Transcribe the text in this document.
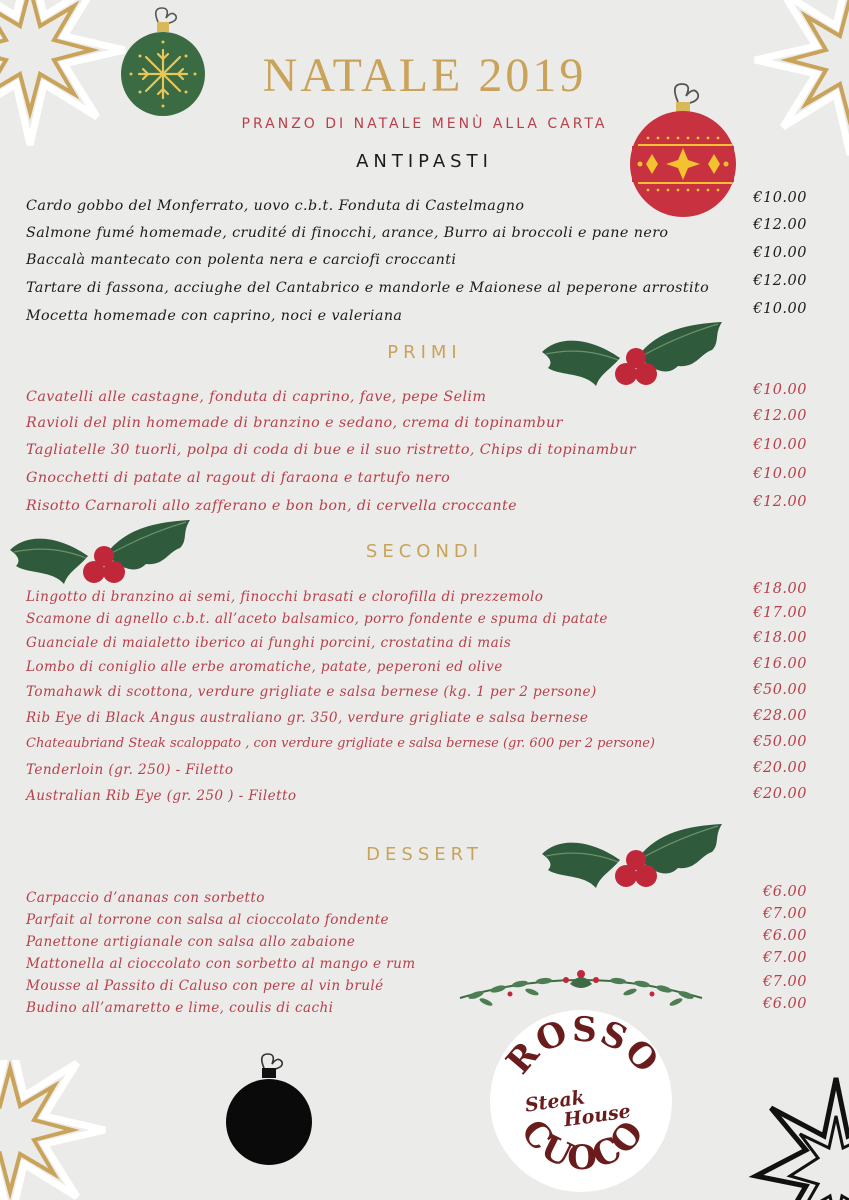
ROSSO
CUOCO
Steak
House
NATALE 2019
PRANZO DI NATALE MENÙ ALLA CARTA
ANTIPASTI
Cardo gobbo del Monferrato, uovo c.b.t. Fonduta di Castelmagno	€10.00
Salmone fumé homemade, crudité di finocchi, arance, Burro ai broccoli e pane nero	€12.00
Baccalà mantecato con polenta nera e carciofi croccanti	€10.00
Tartare di fassona, acciughe del Cantabrico e mandorle e Maionese al peperone arrostito	€12.00
Mocetta homemade con caprino, noci e valeriana	€10.00
PRIMI
Cavatelli alle castagne, fonduta di caprino, fave, pepe Selim	€10.00
Ravioli del plin homemade di branzino e sedano, crema di topinambur	€12.00
Tagliatelle 30 tuorli, polpa di coda di bue e il suo ristretto, Chips di topinambur	€10.00
Gnocchetti di patate al ragout di faraona e tartufo nero	€10.00
Risotto Carnaroli allo zafferano e bon bon, di cervella croccante	€12.00
SECONDI
Lingotto di branzino ai semi, finocchi brasati e clorofilla di prezzemolo	€18.00
Scamone di agnello c.b.t. all’aceto balsamico, porro fondente e spuma di patate	€17.00
Guanciale di maialetto iberico ai funghi porcini, crostatina di mais	€18.00
Lombo di coniglio alle erbe aromatiche, patate, peperoni ed olive	€16.00
Tomahawk di scottona, verdure grigliate e salsa bernese (kg. 1 per 2 persone)	€50.00
Rib Eye di Black Angus australiano gr. 350, verdure grigliate e salsa bernese	€28.00
Chateaubriand Steak scaloppato , con verdure grigliate e salsa bernese (gr. 600 per 2 persone)	€50.00
Tenderloin (gr. 250) - Filetto	€20.00
Australian Rib Eye (gr. 250 ) - Filetto	€20.00
DESSERT
Carpaccio d’ananas con sorbetto	€6.00
Parfait al torrone con salsa al cioccolato fondente	€7.00
Panettone artigianale con salsa allo zabaione	€6.00
Mattonella al cioccolato con sorbetto al mango e rum	€7.00
Mousse al Passito di Caluso con pere al vin brulé	€7.00
Budino all’amaretto e lime, coulis di cachi	€6.00
